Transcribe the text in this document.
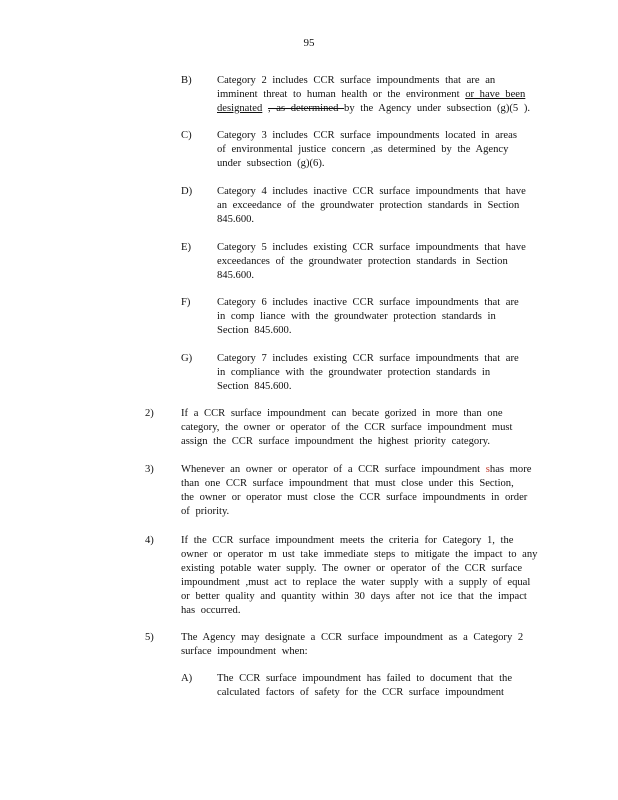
95
B) Category 2 includes CCR surface impoundments that are an
imminent threat to human health or the environment or have been
designated , as determined by the Agency under subsection (g)(5 ).
C) Category 3 includes CCR surface impoundments located in areas
of environmental justice concern ,as determined by the Agency
under subsection (g)(6).
D) Category 4 includes inactive CCR surface impoundments that have
an exceedance of the groundwater protection standards in Section
845.600.
E) Category 5 includes existing CCR surface impoundments that have
exceedances of the groundwater protection standards in Section
845.600.
F)	Category 6 includes inactive CCR surface impoundments that are
in comp liance with the groundwater protection standards in
Section 845.600.
G) Category 7 includes existing CCR surface impoundments that are
in compliance with the groundwater protection standards in
Section 845.600.
2)	If a CCR surface impoundment can becate gorized in more than one
category, the owner or operator of the CCR surface impoundment must
assign the CCR surface impoundment the highest priority category.
3)	Whenever an owner or operator of a CCR surface impoundment shas more
than one CCR surface impoundment that must close under this Section,
the owner or operator must close the CCR surface impoundments in order
of priority.
4)	If the CCR surface impoundment meets the criteria for Category 1, the
owner or operator m ust take immediate steps to mitigate the impact to any
existing potable water supply. The owner or operator of the CCR surface
impoundment ,must act to replace the water supply with a supply of equal
or better quality and quantity within 30 days after not ice that the impact
has occurred.
5)	The Agency may designate a CCR surface impoundment as a Category 2
surface impoundment when:
A) The CCR surface impoundment has failed to document that the
calculated factors of safety for the CCR surface impoundment
